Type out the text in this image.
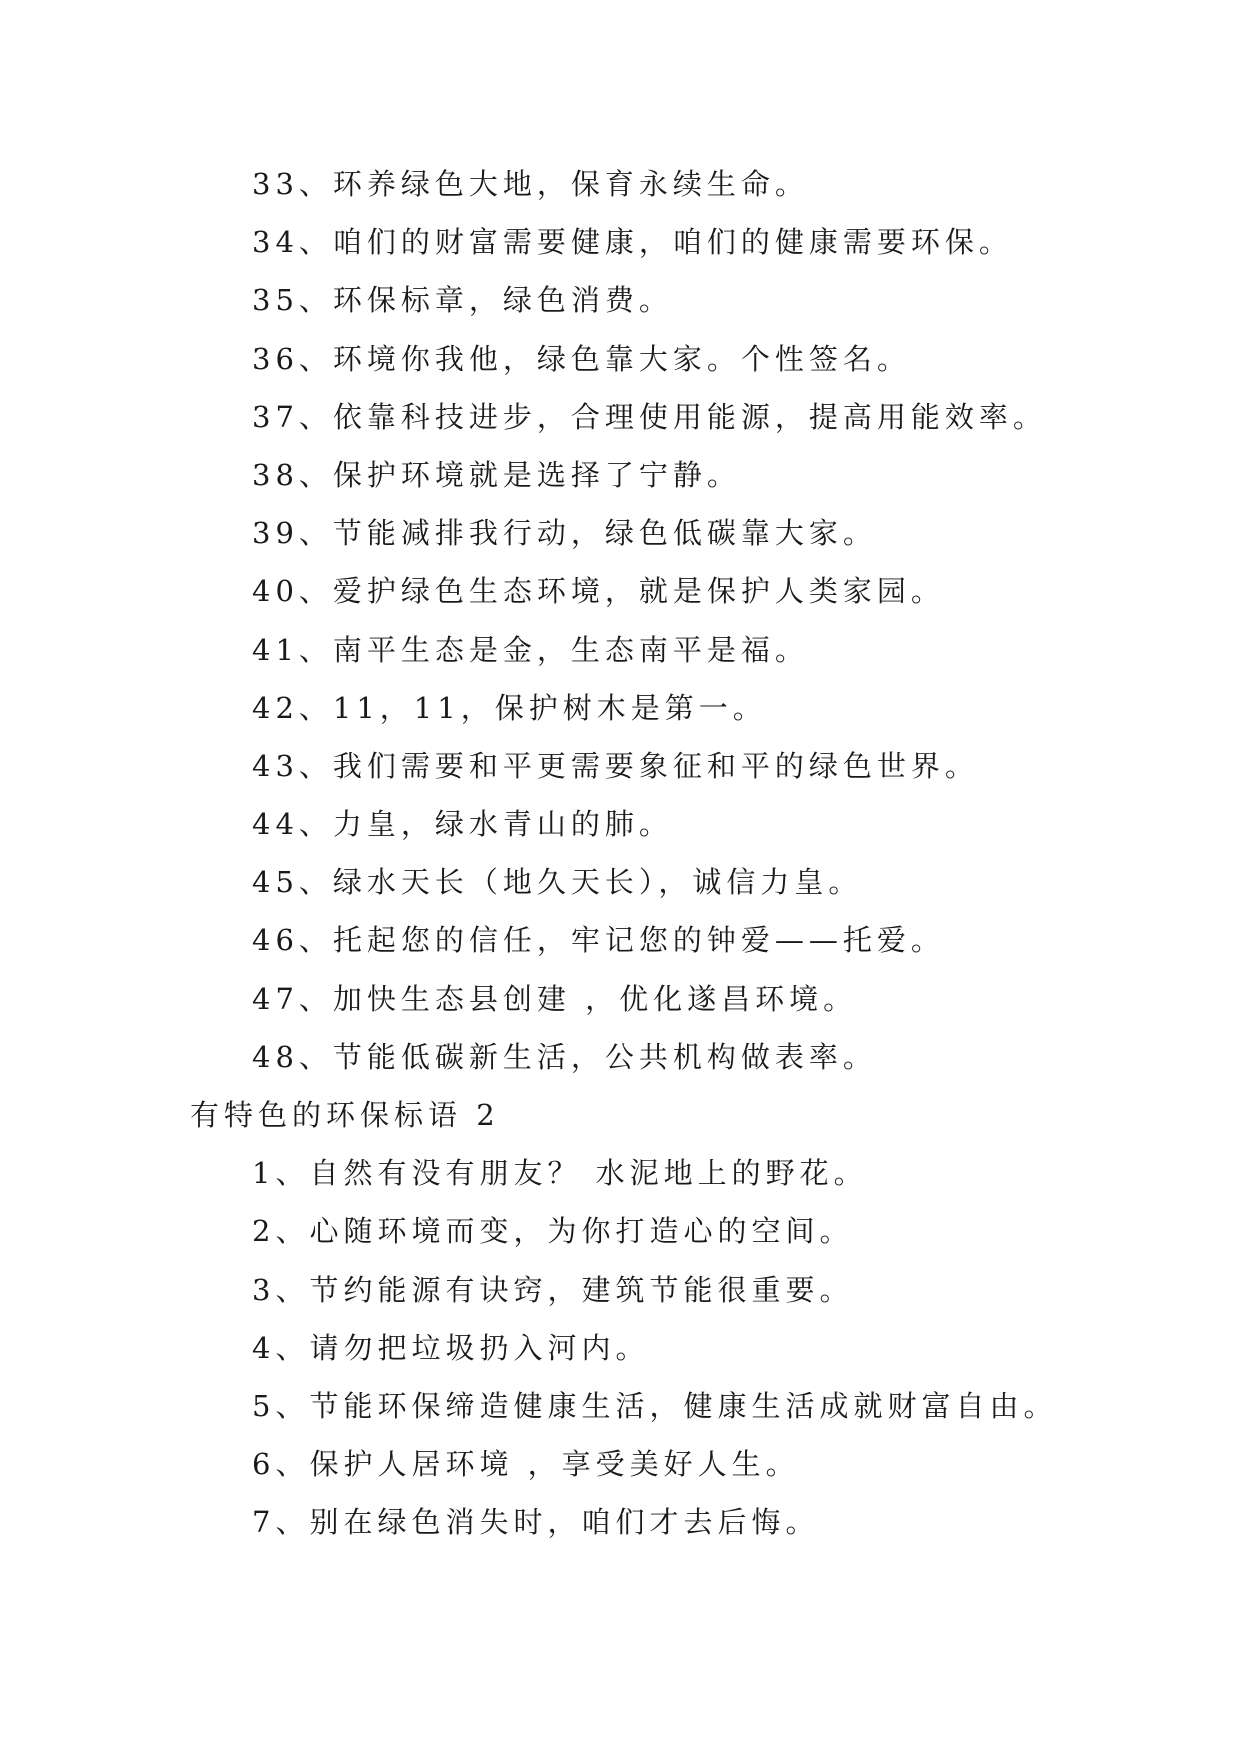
33、环养绿色大地，保育永续生命。
34、咱们的财富需要健康，咱们的健康需要环保。
35、环保标章，绿色消费。
36、环境你我他，绿色靠大家。个性签名。
37、依靠科技进步，合理使用能源，提高用能效率。
38、保护环境就是选择了宁静。
39、节能减排我行动，绿色低碳靠大家。
40、爱护绿色生态环境，就是保护人类家园。
41、南平生态是金，生态南平是福。
42、11，11，保护树木是第一。
43、我们需要和平更需要象征和平的绿色世界。
44、力皇，绿水青山的肺。
45、绿水天长（地久天长），诚信力皇。
46、托起您的信任，牢记您的钟爱——托爱。
47、加快生态县创建 ，优化遂昌环境。
48、节能低碳新生活，公共机构做表率。
有特色的环保标语 2
1、自然有没有朋友？ 水泥地上的野花。
2、心随环境而变，为你打造心的空间。
3、节约能源有诀窍，建筑节能很重要。
4、请勿把垃圾扔入河内。
5、节能环保缔造健康生活，健康生活成就财富自由。
6、保护人居环境 ，享受美好人生。
7、别在绿色消失时，咱们才去后悔。
